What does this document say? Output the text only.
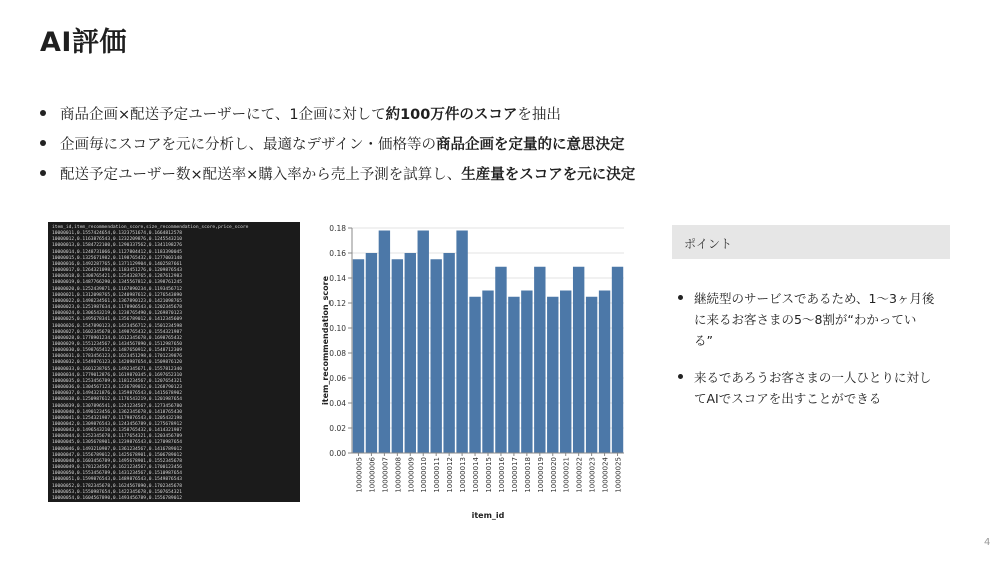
AI評価
商品企画×配送予定ユーザーにて、1企画に対して約100万件のスコアを抽出
企画毎にスコアを元に分析し、最適なデザイン・価格等の商品企画を定量的に意思決定
配送予定ユーザー数×配送率×購入率から売上予測を試算し、生産量をスコアを元に決定
item_id,item_recommendation_score,size_recommendation_score,price_score
10000011,0.1557424654,0.1323751674,0.1664812578
10000012,0.1163876543,0.1232209876,0.1245543210
10000013,0.1584722100,0.1290337562,0.1341198276
10000014,0.1248731066,0.1127804412,0.1183390045
10000015,0.1325671982,0.1198765432,0.1277003148
10000016,0.1492287765,0.1371129904,0.1402587661
10000017,0.1264321098,0.1183451276,0.1209876543
10000018,0.1308765421,0.1254328765,0.1287612983
10000019,0.1487766290,0.1345567812,0.1398761245
10000020,0.1252439871,0.1167890234,0.1193456712
10000021,0.1312098765,0.1240987612,0.1276543890
10000022,0.1498234561,0.1367890123,0.1421098765
10000023,0.1251987634,0.1178906543,0.1202345678
10000024,0.1306543219,0.1238765490,0.1269870123
10000025,0.1495678341,0.1356789012,0.1412345609
10000026,0.1547890123,0.1423456712,0.1501234598
10000027,0.1602345678,0.1498765432,0.1554321987
10000028,0.1778901234,0.1612345678,0.1698765432
10000029,0.1551234567,0.1434567890,0.1512987650
10000030,0.1598765412,0.1487650912,0.1548712309
10000031,0.1783456123,0.1623451298,0.1701239876
10000032,0.1549876123,0.1420987654,0.1509876120
10000033,0.1601238765,0.1492345671,0.1557812340
10000034,0.1779012876,0.1619870345,0.1697652310
10000035,0.1253456789,0.1181234567,0.1207654321
10000036,0.1304567123,0.1236789012,0.1268790123
10000037,0.1494321876,0.1359876543,0.1415678902
10000038,0.1250987612,0.1176543219,0.1201987654
10000039,0.1307896541,0.1241234567,0.1273456780
10000040,0.1490123456,0.1362345678,0.1418765430
10000041,0.1254321987,0.1179876543,0.1205432198
10000042,0.1309876543,0.1243456789,0.1275678912
10000043,0.1496543210,0.1358765432,0.1414321987
10000044,0.1252345678,0.1177654321,0.1203456789
10000045,0.1305678901,0.1239876543,0.1270987654
10000046,0.1493210987,0.1361234567,0.1416789012
10000047,0.1556789012,0.1425678901,0.1506789012
10000048,0.1603456789,0.1495678901,0.1552345678
10000049,0.1781234567,0.1621234567,0.1700123456
10000050,0.1553456789,0.1431234567,0.1510987654
10000051,0.1599876543,0.1489876543,0.1549876543
10000052,0.1782345678,0.1624567890,0.1702345678
10000053,0.1550987654,0.1422345678,0.1507654321
10000054,0.1604567890,0.1493456789,0.1556789012
0.00
0.02
0.04
0.06
0.08
0.10
0.12
0.14
0.16
0.18
10000005 10000006 10000007 10000008 10000009 10000010 10000011 10000012 10000013 10000014 10000015 10000016 10000017 10000018 10000019 10000020 10000021 10000022 10000023 10000024 10000025
item_id
item_recommendation_score
ポイント
継続型のサービスであるため、1〜3ヶ月後
に来るお客さまの5〜8割が“わかってい
る”
来るであろうお客さまの一人ひとりに対し
てAIでスコアを出すことができる
4
